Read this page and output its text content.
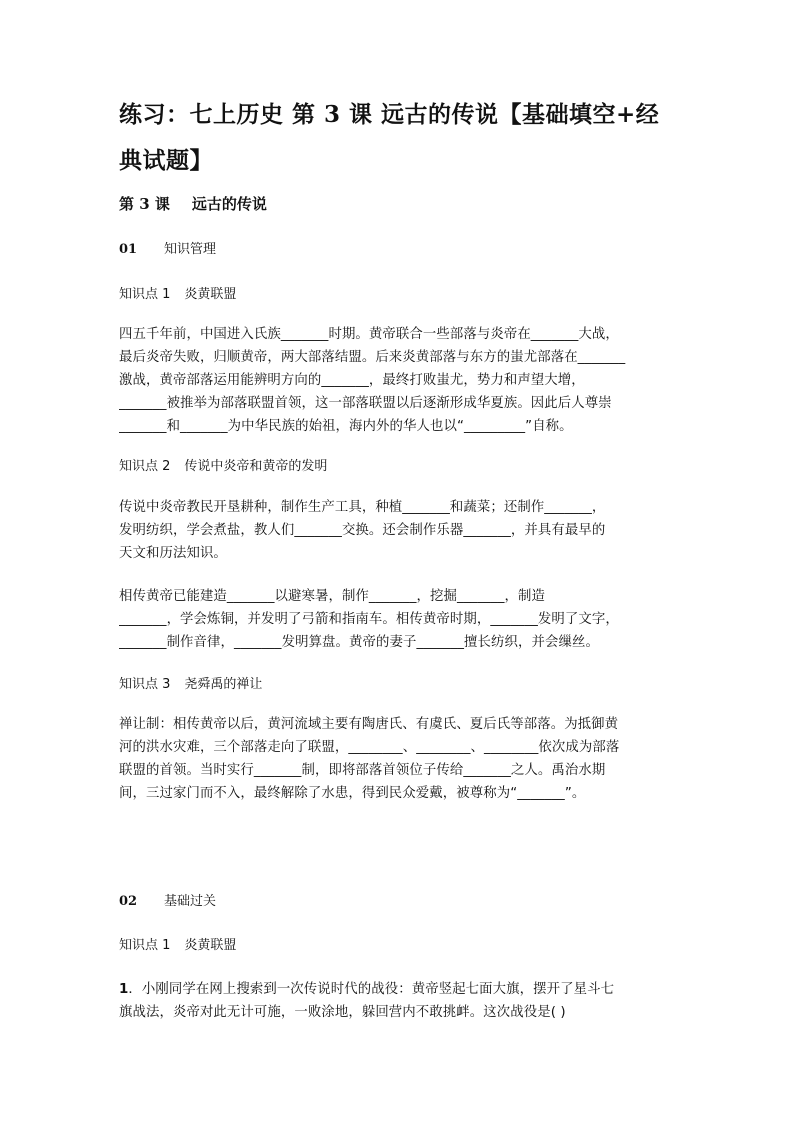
练习：七上历史 第 3 课 远古的传说【基础填空+经典试题】
第 3 课 远古的传说
01 知识管理
知识点 1 炎黄联盟
四五千年前，中国进入氏族_______时期。黄帝联合一些部落与炎帝在_______大战，
最后炎帝失败，归顺黄帝，两大部落结盟。后来炎黄部落与东方的蚩尤部落在_______
激战，黄帝部落运用能辨明方向的_______，最终打败蚩尤，势力和声望大增，
_______被推举为部落联盟首领，这一部落联盟以后逐渐形成华夏族。因此后人尊崇
_______和_______为中华民族的始祖，海内外的华人也以“_________”自称。
知识点 2 传说中炎帝和黄帝的发明
传说中炎帝教民开垦耕种，制作生产工具，种植_______和蔬菜；还制作_______，
发明纺织，学会煮盐，教人们_______交换。还会制作乐器_______，并具有最早的
天文和历法知识。
相传黄帝已能建造_______以避寒暑，制作_______，挖掘_______，制造
_______，学会炼铜，并发明了弓箭和指南车。相传黄帝时期，_______发明了文字，
_______制作音律，_______发明算盘。黄帝的妻子_______擅长纺织，并会缫丝。
知识点 3 尧舜禹的禅让
禅让制：相传黄帝以后，黄河流域主要有陶唐氏、有虞氏、夏后氏等部落。为抵御黄
河的洪水灾难，三个部落走向了联盟，________、________、________依次成为部落
联盟的首领。当时实行_______制，即将部落首领位子传给_______之人。禹治水期
间，三过家门而不入，最终解除了水患，得到民众爱戴，被尊称为“_______”。
02 基础过关
知识点 1 炎黄联盟
1．小刚同学在网上搜索到一次传说时代的战役：黄帝竖起七面大旗，摆开了星斗七
旗战法，炎帝对此无计可施，一败涂地，躲回营内不敢挑衅。这次战役是( )
